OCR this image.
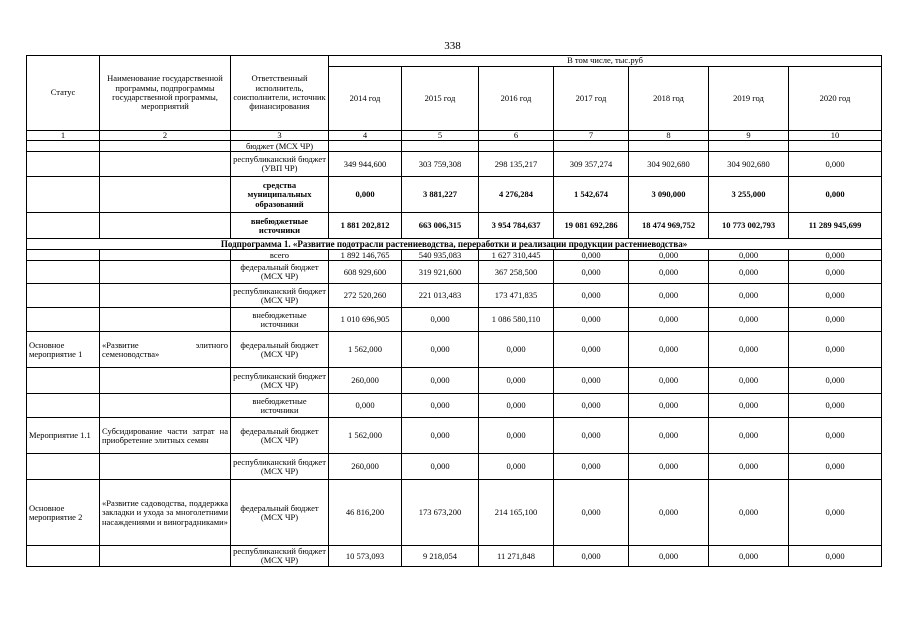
338
Статус	Наименование государственной программы, подпрограммы государственной программы, мероприятий	Ответственный исполнитель, соисполнители, источник финансирования	В том числе, тыс.руб						
			2014 год	2015 год	2016 год	2017 год	2018 год	2019 год	2020 год
1	2	3	4	5	6	7	8	9	10
		бюджет (МСХ ЧР)							
		республиканский бюджет (УВП ЧР)	349 944,600	303 759,308	298 135,217	309 357,274	304 902,680	304 902,680	0,000
		средства муниципальных образований	0,000	3 881,227	4 276,284	1 542,674	3 090,000	3 255,000	0,000
		внебюджетные источники	1 881 202,812	663 006,315	3 954 784,637	19 081 692,286	18 474 969,752	10 773 002,793	11 289 945,699
Подпрограмма 1. «Развитие подотрасли растениеводства, переработки и реализации продукции растениеводства»									
		всего	1 892 146,765	540 935,083	1 627 310,445	0,000	0,000	0,000	0,000
		федеральный бюджет (МСХ ЧР)	608 929,600	319 921,600	367 258,500	0,000	0,000	0,000	0,000
		республиканский бюджет (МСХ ЧР)	272 520,260	221 013,483	173 471,835	0,000	0,000	0,000	0,000
		внебюджетные источники	1 010 696,905	0,000	1 086 580,110	0,000	0,000	0,000	0,000
Основное мероприятие 1	«Развитие элитного семеноводства»	федеральный бюджет (МСХ ЧР)	1 562,000	0,000	0,000	0,000	0,000	0,000	0,000
		республиканский бюджет (МСХ ЧР)	260,000	0,000	0,000	0,000	0,000	0,000	0,000
		внебюджетные источники	0,000	0,000	0,000	0,000	0,000	0,000	0,000
Мероприятие 1.1	Субсидирование части затрат на приобретение элитных семян	федеральный бюджет (МСХ ЧР)	1 562,000	0,000	0,000	0,000	0,000	0,000	0,000
		республиканский бюджет (МСХ ЧР)	260,000	0,000	0,000	0,000	0,000	0,000	0,000
Основное мероприятие 2	«Развитие садоводства, поддержка закладки и ухода за многолетними насаждениями и виноградниками»	федеральный бюджет (МСХ ЧР)	46 816,200	173 673,200	214 165,100	0,000	0,000	0,000	0,000
		республиканский бюджет (МСХ ЧР)	10 573,093	9 218,054	11 271,848	0,000	0,000	0,000	0,000
